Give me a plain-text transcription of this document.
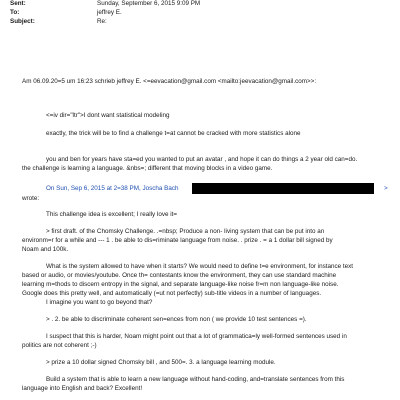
Sent:	Sunday, September 6, 2015 9:09 PM
To:	jeffrey E.
Subject:	Re:
Am 06.09.20=5 um 16:23 schrieb jeffrey E. <=eevacation@gmail.com <mailto:jeevacation@gmail.com>>:
<=iv dir="ltr">I dont want statistical modeling
exactly, the trick will be to find a challenge t=at cannot be cracked with more statistics alone
you and ben for years have sta=ed you wanted to put an avatar , and hope it can do things a 2 year old can=do.
the challenge is learning a language. &nbs=; different that moving blocks in a video game.
On Sun, Sep 6, 2015 at 2=38 PM, Joscha Bach	>
wrote:
This challenge idea is excellent; I really love it=
> first draft. of the Chomsky Challenge. .=nbsp; Produce a non- living system that can be put into an
environm=r for a while and --- 1 . be able to dis=riminate language from noise. . prize . = a 1 dollar bill signed by
Noam and 100k.
What is the system allowed to have when it starts? We would need to define t=e environment, for instance text
based or audio, or movies/youtube. Once th= contestants know the environment, they can use standard machine
learning m=thods to discern entropy in the signal, and separate language-like noise fr=m non language-like noise.
Google does this pretty well, and automatically (=ut not perfectly) sub-title videos in a number of languages.
I imagine you want to go beyond that?
> . 2. be able to discriminate coherent sen=ences from non ( we provide 10 test sentences =).
I suspect that this is harder, Noam might point out that a lot of grammatica=ly well-formed sentences used in
politics are not coherent ;-)
> prize a 10 dollar signed Chomsky bill , and 500=. 3. a language learning module.
Build a system that is able to learn a new language without hand-coding, and=translate sentences from this
language into English and back? Excellent!
